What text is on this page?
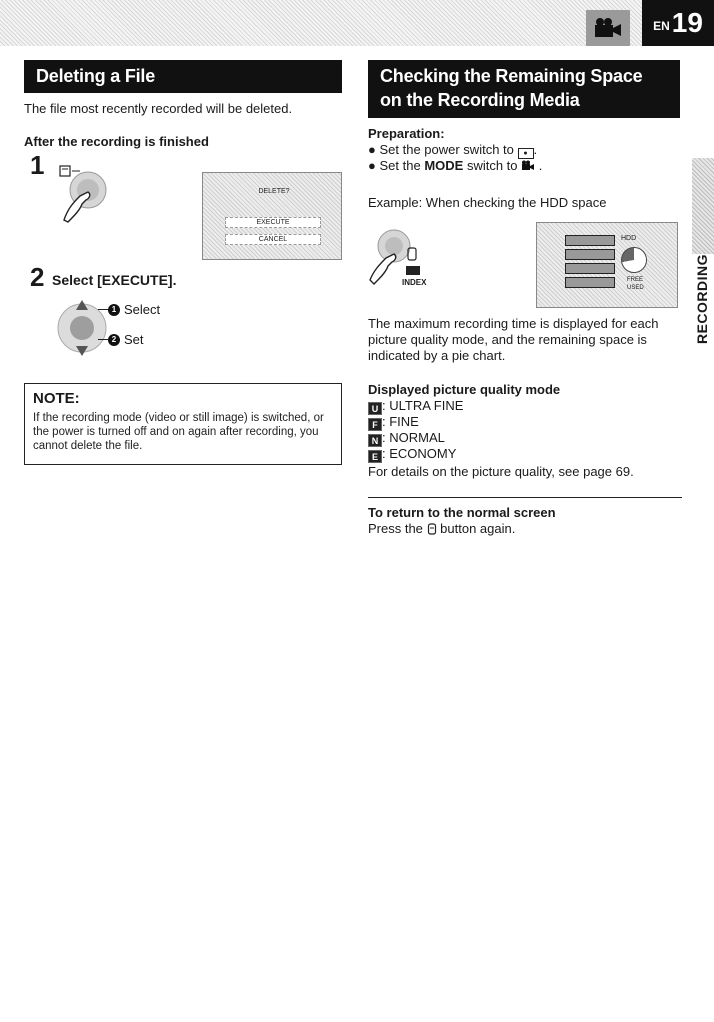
EN 19
Deleting a File
The file most recently recorded will be deleted.
After the recording is finished
1
DELETE?
EXECUTE
CANCEL
2 Select [EXECUTE].
1 Select
2 Set
NOTE:
If the recording mode (video or still image) is switched, or the power is turned off and on again after recording, you cannot delete the file.
Checking the Remaining Space on the Recording Media
Preparation:
● Set the power switch to ● .
● Set the MODE switch to .
Example: When checking the HDD space
INDEX
HDD
FREE
USED
The maximum recording time is displayed for each picture quality mode, and the remaining space is indicated by a pie chart.
Displayed picture quality mode
U : ULTRA FINE
F : FINE
N : NORMAL
E : ECONOMY
For details on the picture quality, see page 69.
To return to the normal screen
Press the button again.
RECORDING
